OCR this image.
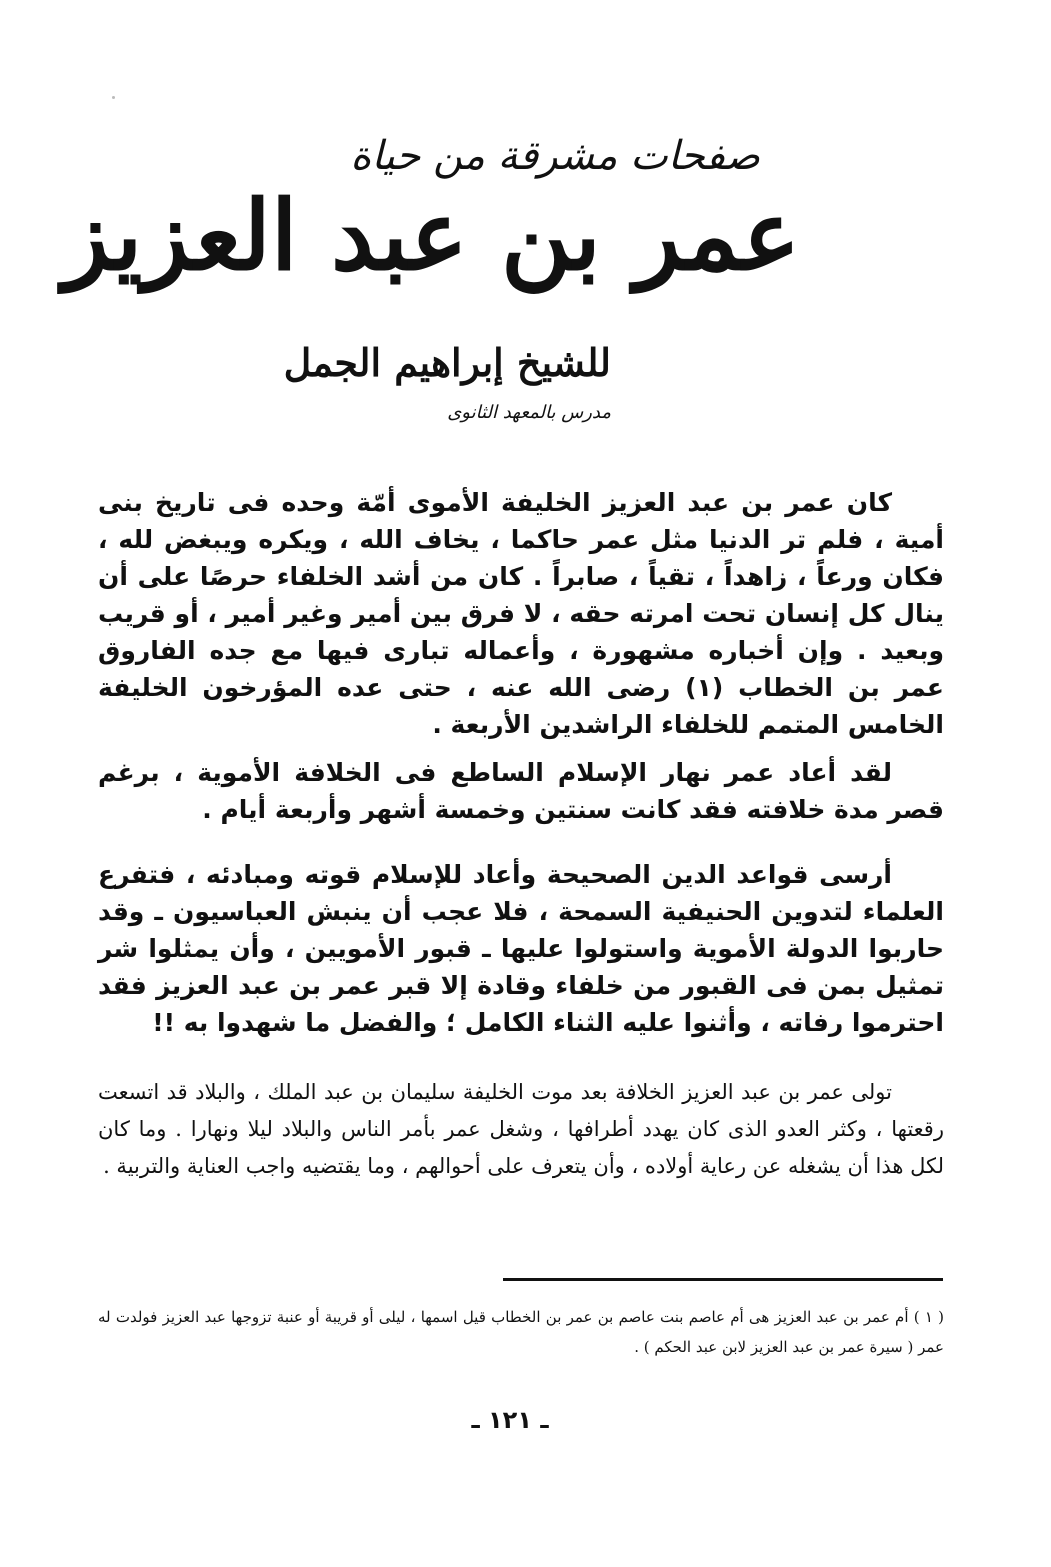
صفحات مشرقة من حياة
عمر بن عبد العزيز
للشيخ إبراهيم الجمل
مدرس بالمعهد الثانوى

كان عمر بن عبد العزيز الخليفة الأموى أمّة وحده فى تاريخ بنى أمية ، فلم تر الدنيا مثل عمر حاكما ، يخاف الله ، ويكره ويبغض لله ، فكان ورعاً ، زاهداً ، تقياً ، صابراً . كان من أشد الخلفاء حرصًا على أن ينال كل إنسان تحت امرته حقه ، لا فرق بين أمير وغير أمير ، أو قريب وبعيد . وإن أخباره مشهورة ، وأعماله تبارى فيها مع جده الفاروق عمر بن الخطاب (١) رضى الله عنه ، حتى عده المؤرخون الخليفة الخامس المتمم للخلفاء الراشدين الأربعة .

لقد أعاد عمر نهار الإسلام الساطع فى الخلافة الأموية ، برغم قصر مدة خلافته فقد كانت سنتين وخمسة أشهر وأربعة أيام .

أرسى قواعد الدين الصحيحة وأعاد للإسلام قوته ومبادئه ، فتفرع العلماء لتدوين الحنيفية السمحة ، فلا عجب أن ينبش العباسيون ـ وقد حاربوا الدولة الأموية واستولوا عليها ـ قبور الأمويين ، وأن يمثلوا شر تمثيل بمن فى القبور من خلفاء وقادة إلا قبر عمر بن عبد العزيز فقد احترموا رفاته ، وأثنوا عليه الثناء الكامل ؛ والفضل ما شهدوا به !!

تولى عمر بن عبد العزيز الخلافة بعد موت الخليفة سليمان بن عبد الملك ، والبلاد قد اتسعت رقعتها ، وكثر العدو الذى كان يهدد أطرافها ، وشغل عمر بأمر الناس والبلاد ليلا ونهارا . وما كان لكل هذا أن يشغله عن رعاية أولاده ، وأن يتعرف على أحوالهم ، وما يقتضيه واجب العناية والتربية .

( ١ ) أم عمر بن عبد العزيز هى أم عاصم بنت عاصم بن عمر بن الخطاب قيل اسمها ، ليلى أو قريبة أو عنبة تزوجها عبد العزيز فولدت له عمر ( سيرة عمر بن عبد العزيز لابن عبد الحكم ) .

ـ ١٢١ ـ
